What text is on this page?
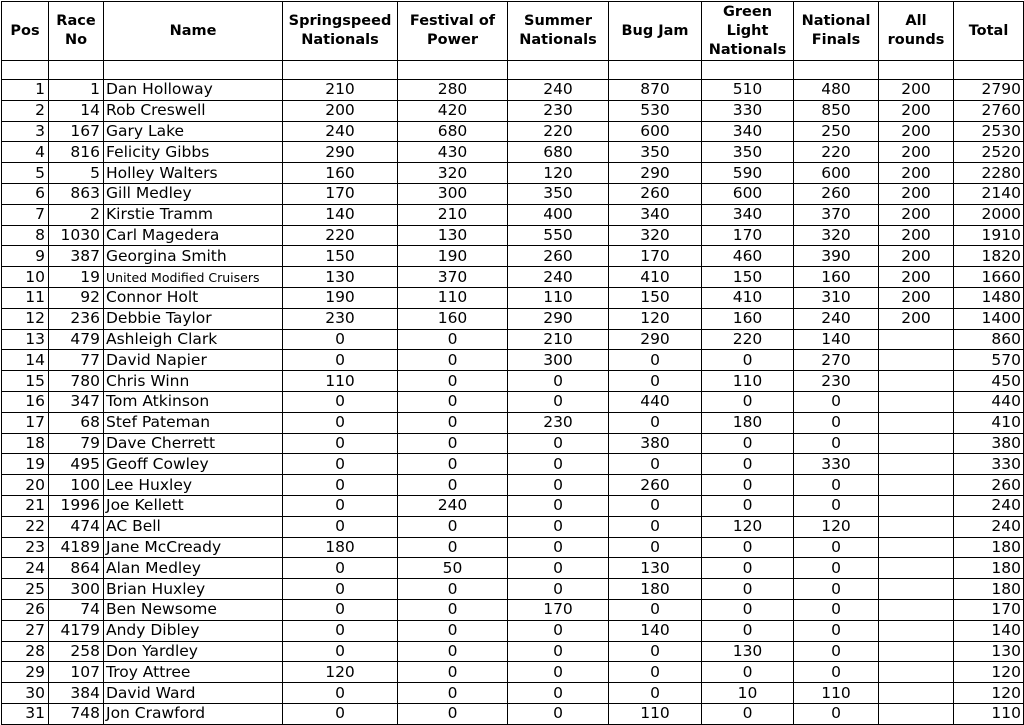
Pos	Race No	Name	Springspeed Nationals	Festival of Power	Summer Nationals	Bug Jam	Green Light Nationals	National Finals	All rounds	Total

1	1	Dan Holloway	210	280	240	870	510	480	200	2790
2	14	Rob Creswell	200	420	230	530	330	850	200	2760
3	167	Gary Lake	240	680	220	600	340	250	200	2530
4	816	Felicity Gibbs	290	430	680	350	350	220	200	2520
5	5	Holley Walters	160	320	120	290	590	600	200	2280
6	863	Gill Medley	170	300	350	260	600	260	200	2140
7	2	Kirstie Tramm	140	210	400	340	340	370	200	2000
8	1030	Carl Magedera	220	130	550	320	170	320	200	1910
9	387	Georgina Smith	150	190	260	170	460	390	200	1820
10	19	United Modified Cruisers	130	370	240	410	150	160	200	1660
11	92	Connor Holt	190	110	110	150	410	310	200	1480
12	236	Debbie Taylor	230	160	290	120	160	240	200	1400
13	479	Ashleigh Clark	0	0	210	290	220	140		860
14	77	David Napier	0	0	300	0	0	270		570
15	780	Chris Winn	110	0	0	0	110	230		450
16	347	Tom Atkinson	0	0	0	440	0	0		440
17	68	Stef Pateman	0	0	230	0	180	0		410
18	79	Dave Cherrett	0	0	0	380	0	0		380
19	495	Geoff Cowley	0	0	0	0	0	330		330
20	100	Lee Huxley	0	0	0	260	0	0		260
21	1996	Joe Kellett	0	240	0	0	0	0		240
22	474	AC Bell	0	0	0	0	120	120		240
23	4189	Jane McCready	180	0	0	0	0	0		180
24	864	Alan Medley	0	50	0	130	0	0		180
25	300	Brian Huxley	0	0	0	180	0	0		180
26	74	Ben Newsome	0	0	170	0	0	0		170
27	4179	Andy Dibley	0	0	0	140	0	0		140
28	258	Don Yardley	0	0	0	0	130	0		130
29	107	Troy Attree	120	0	0	0	0	0		120
30	384	David Ward	0	0	0	0	10	110		120
31	748	Jon Crawford	0	0	0	110	0	0		110
